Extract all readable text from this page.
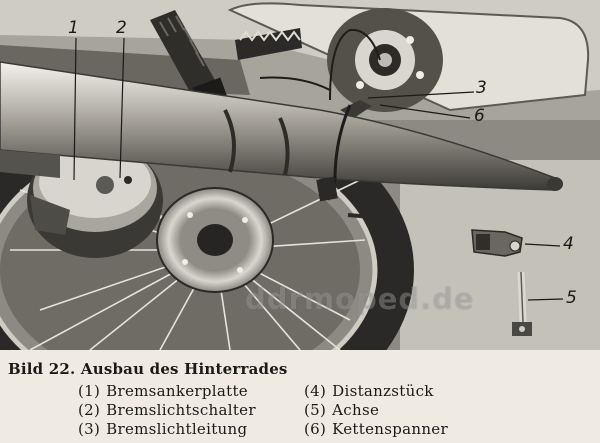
1 2
3
6
4
5
ddrmoped.de
Bild 22. Ausbau des Hinterrades
(1) Bremsankerplatte	(4) Distanzstück
(2) Bremslichtschalter	(5) Achse
(3) Bremslichtleitung	(6) Kettenspanner
